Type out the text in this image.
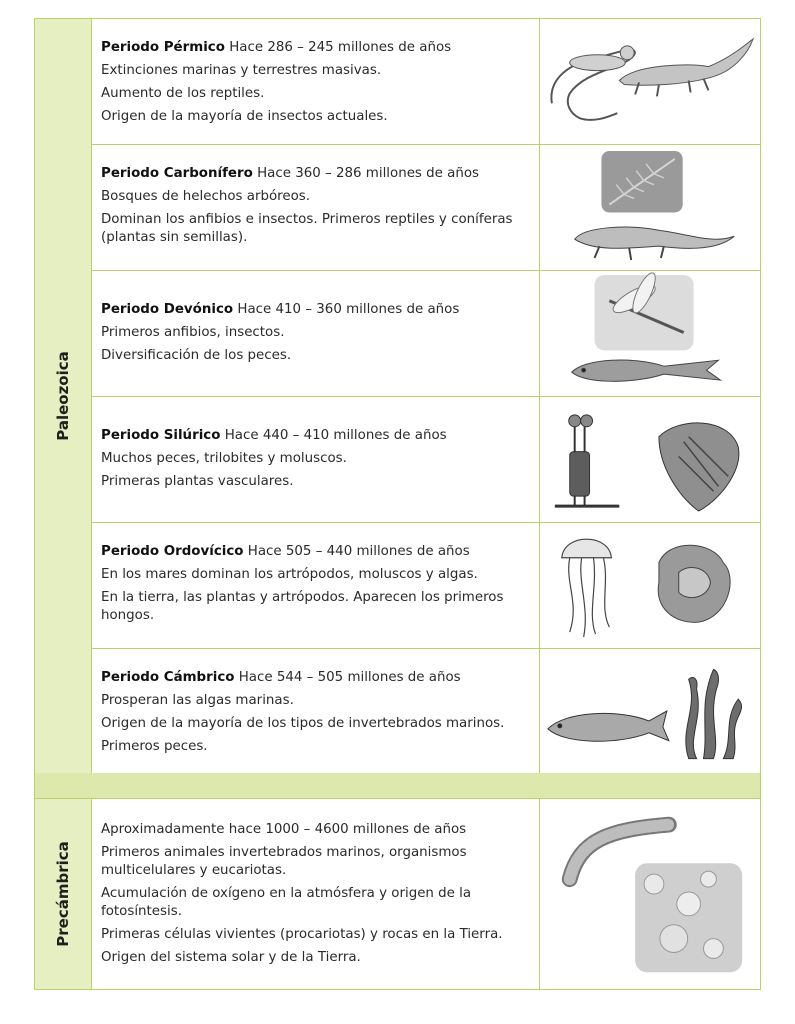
Paleozoica

Periodo Pérmico Hace 286 – 245 millones de años

Extinciones marinas y terrestres masivas.

Aumento de los reptiles.

Origen de la mayoría de insectos actuales.

Periodo Carbonífero Hace 360 – 286 millones de años

Bosques de helechos arbóreos.

Dominan los anfibios e insectos. Primeros reptiles y coníferas (plantas sin semillas).

Periodo Devónico Hace 410 – 360 millones de años

Primeros anfibios, insectos.

Diversificación de los peces.

Periodo Silúrico Hace 440 – 410 millones de años

Muchos peces, trilobites y moluscos.

Primeras plantas vasculares.

Periodo Ordovícico Hace 505 – 440 millones de años

En los mares dominan los artrópodos, moluscos y algas.

En la tierra, las plantas y artrópodos. Aparecen los primeros hongos.

Periodo Cámbrico Hace 544 – 505 millones de años

Prosperan las algas marinas.

Origen de la mayoría de los tipos de invertebrados marinos.

Primeros peces.

Precámbrica

Aproximadamente hace 1000 – 4600 millones de años

Primeros animales invertebrados marinos, organismos multicelulares y eucariotas.

Acumulación de oxígeno en la atmósfera y origen de la fotosíntesis.

Primeras células vivientes (procariotas) y rocas en la Tierra.

Origen del sistema solar y de la Tierra.
